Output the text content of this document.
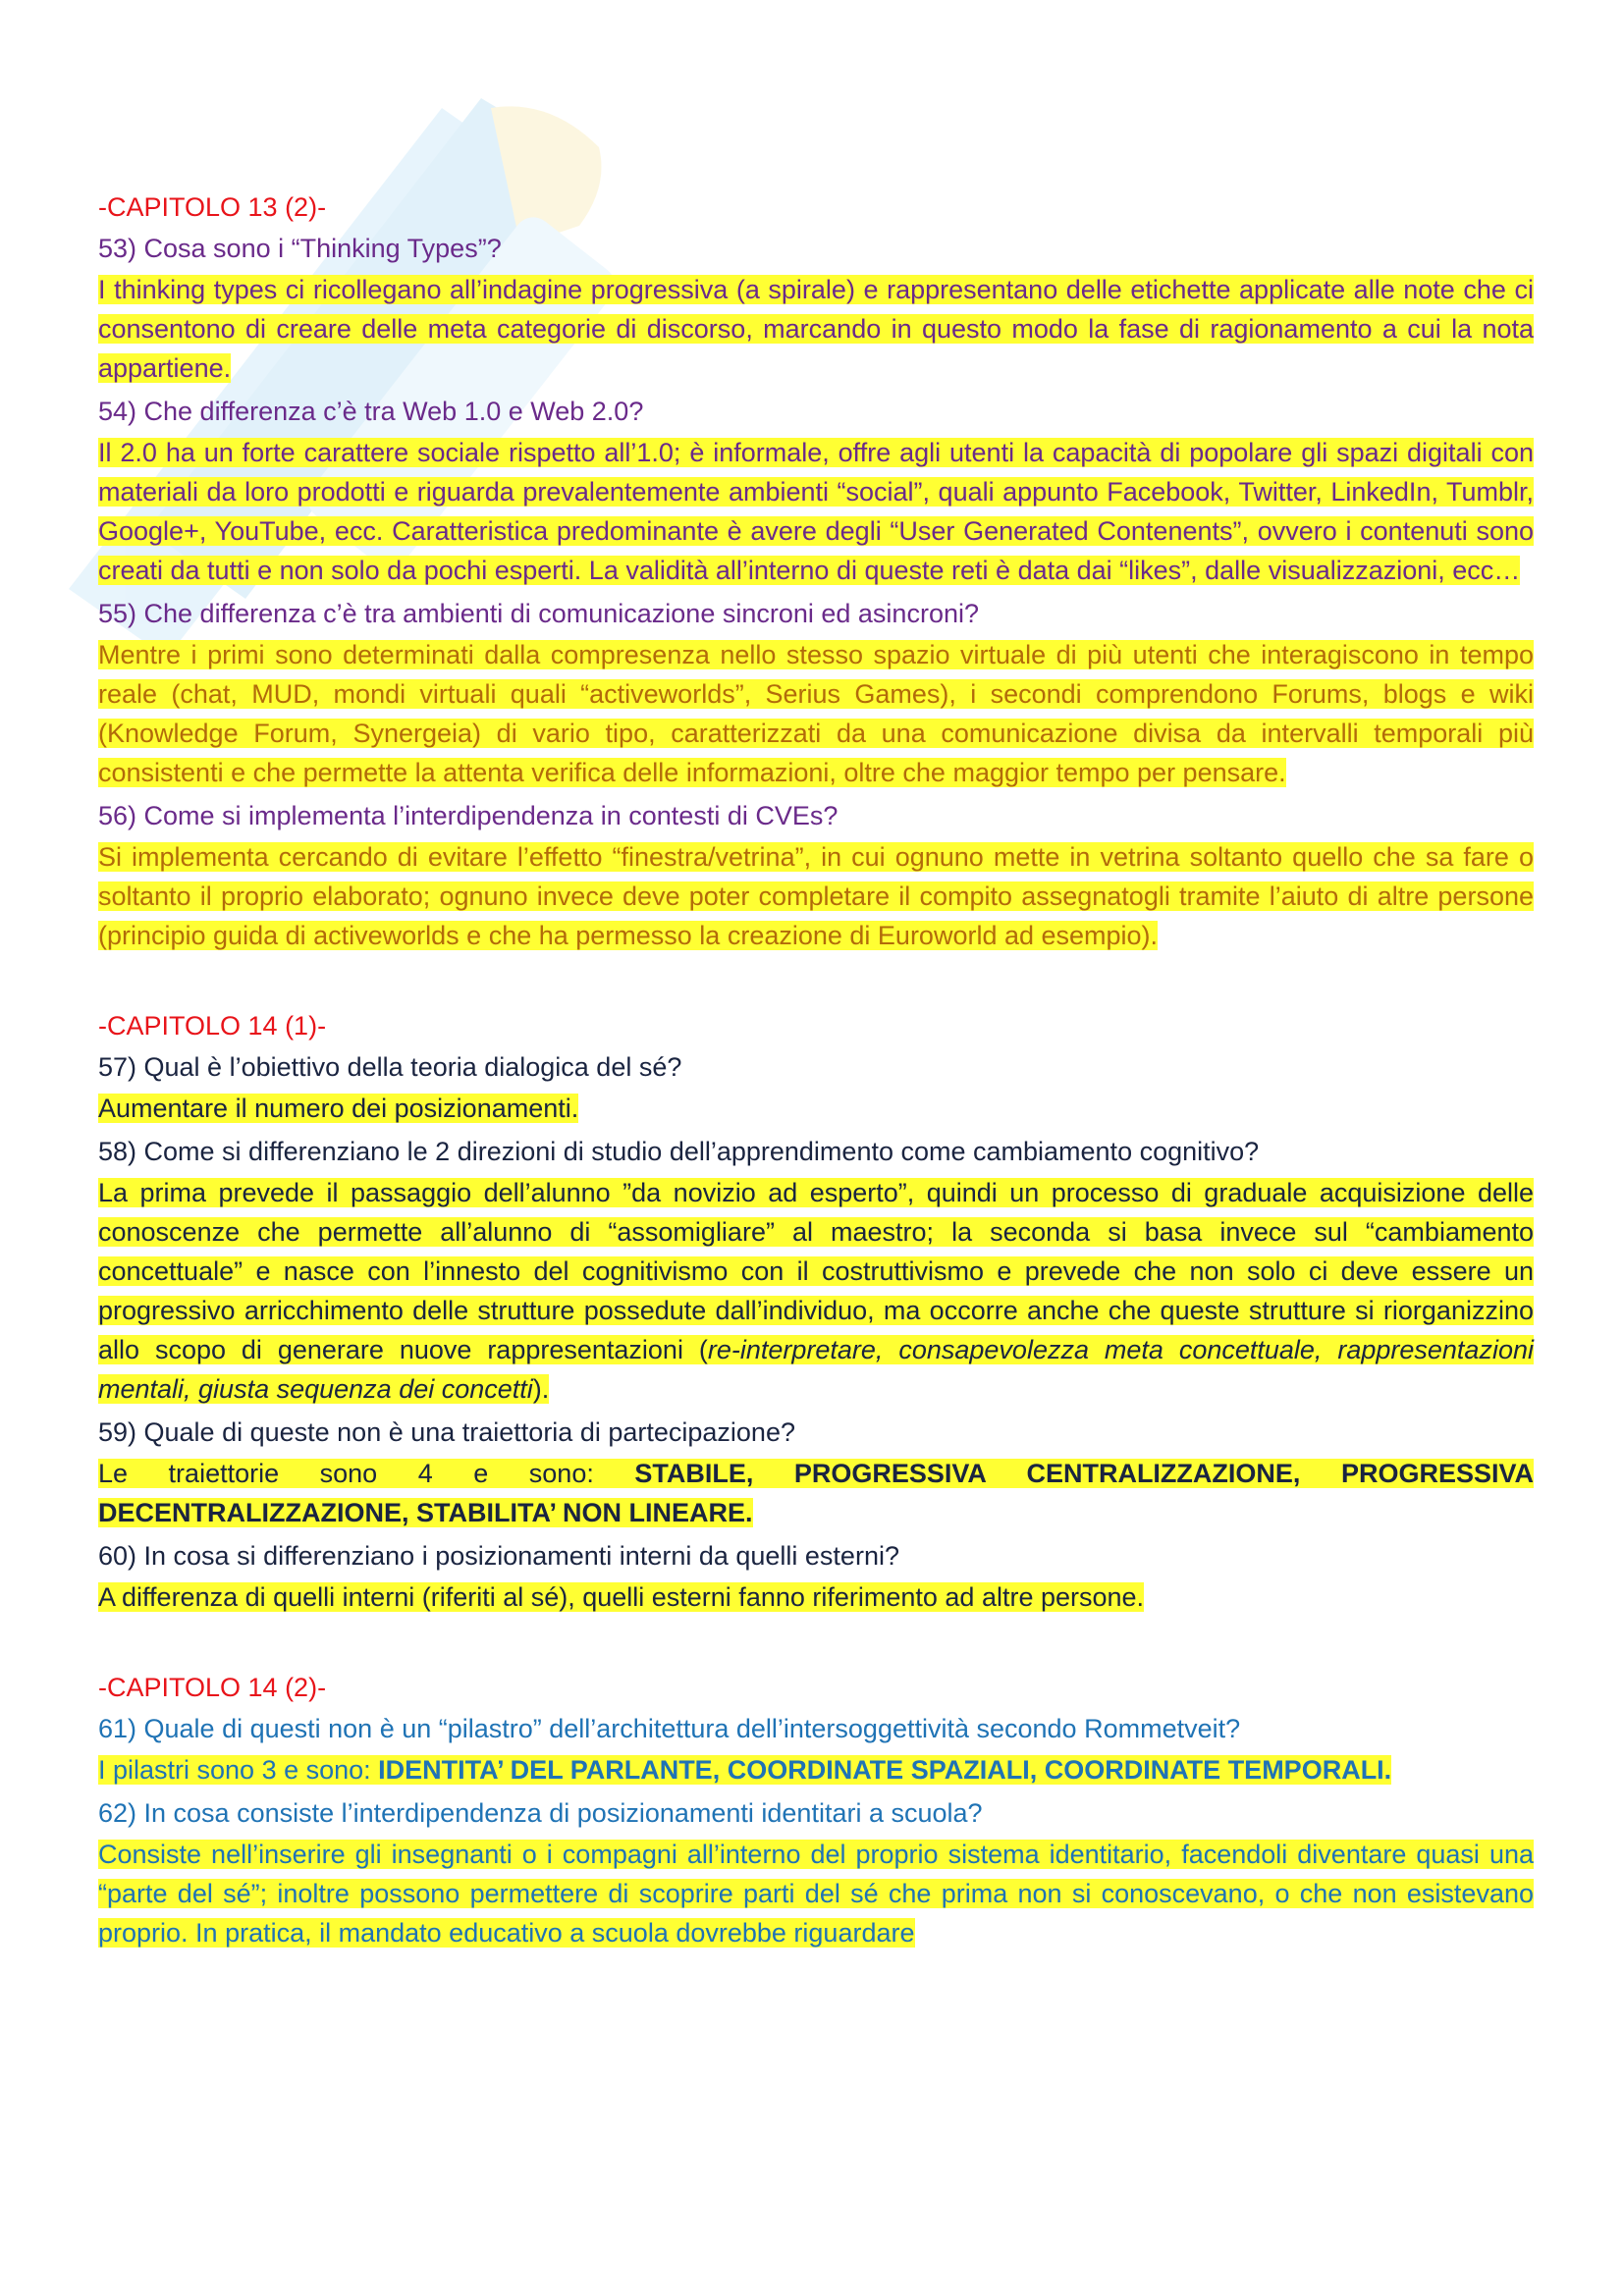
-CAPITOLO 13 (2)-
53) Cosa sono i “Thinking Types”?
I thinking types ci ricollegano all’indagine progressiva (a spirale) e rappresentano delle etichette applicate alle note che ci consentono di creare delle meta categorie di discorso, marcando in questo modo la fase di ragionamento a cui la nota appartiene.
54) Che differenza c’è tra Web 1.0 e Web 2.0?
Il 2.0 ha un forte carattere sociale rispetto all’1.0; è informale, offre agli utenti la capacità di popolare gli spazi digitali con materiali da loro prodotti e riguarda prevalentemente ambienti “social”, quali appunto Facebook, Twitter, LinkedIn, Tumblr, Google+, YouTube, ecc. Caratteristica predominante è avere degli “User Generated Contenents”, ovvero i contenuti sono creati da tutti e non solo da pochi esperti. La validità all’interno di queste reti è data dai “likes”, dalle visualizzazioni, ecc…
55) Che differenza c’è tra ambienti di comunicazione sincroni ed asincroni?
Mentre i primi sono determinati dalla compresenza nello stesso spazio virtuale di più utenti che interagiscono in tempo reale (chat, MUD, mondi virtuali quali “activeworlds”, Serius Games), i secondi comprendono Forums, blogs e wiki (Knowledge Forum, Synergeia) di vario tipo, caratterizzati da una comunicazione divisa da intervalli temporali più consistenti e che permette la attenta verifica delle informazioni, oltre che maggior tempo per pensare.
56) Come si implementa l’interdipendenza in contesti di CVEs?
Si implementa cercando di evitare l’effetto “finestra/vetrina”, in cui ognuno mette in vetrina soltanto quello che sa fare o soltanto il proprio elaborato; ognuno invece deve poter completare il compito assegnatogli tramite l’aiuto di altre persone (principio guida di activeworlds e che ha permesso la creazione di Euroworld ad esempio).
-CAPITOLO 14 (1)-
57) Qual è l’obiettivo della teoria dialogica del sé?
Aumentare il numero dei posizionamenti.
58) Come si differenziano le 2 direzioni di studio dell’apprendimento come cambiamento cognitivo?
La prima prevede il passaggio dell’alunno ”da novizio ad esperto”, quindi un processo di graduale acquisizione delle conoscenze che permette all’alunno di “assomigliare” al maestro; la seconda si basa invece sul “cambiamento concettuale” e nasce con l’innesto del cognitivismo con il costruttivismo e prevede che non solo ci deve essere un progressivo arricchimento delle strutture possedute dall’individuo, ma occorre anche che queste strutture si riorganizzino allo scopo di generare nuove rappresentazioni (re-interpretare, consapevolezza meta concettuale, rappresentazioni mentali, giusta sequenza dei concetti).
59) Quale di queste non è una traiettoria di partecipazione?
Le traiettorie sono 4 e sono: STABILE, PROGRESSIVA CENTRALIZZAZIONE, PROGRESSIVA DECENTRALIZZAZIONE, STABILITA’ NON LINEARE.
60) In cosa si differenziano i posizionamenti interni da quelli esterni?
A differenza di quelli interni (riferiti al sé), quelli esterni fanno riferimento ad altre persone.
-CAPITOLO 14 (2)-
61) Quale di questi non è un “pilastro” dell’architettura dell’intersoggettività secondo Rommetveit?
I pilastri sono 3 e sono: IDENTITA’ DEL PARLANTE, COORDINATE SPAZIALI, COORDINATE TEMPORALI.
62) In cosa consiste l’interdipendenza di posizionamenti identitari a scuola?
Consiste nell’inserire gli insegnanti o i compagni all’interno del proprio sistema identitario, facendoli diventare quasi una “parte del sé”; inoltre possono permettere di scoprire parti del sé che prima non si conoscevano, o che non esistevano proprio. In pratica, il mandato educativo a scuola dovrebbe riguardare
